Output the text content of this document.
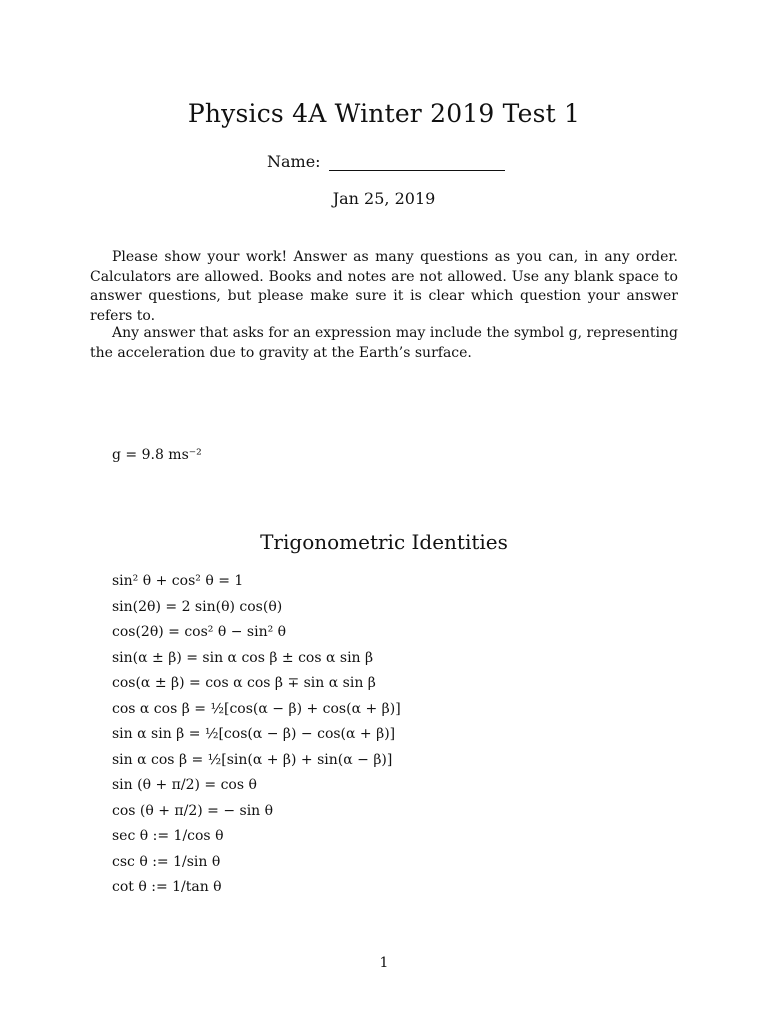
Physics 4A Winter 2019 Test 1
Name:
Jan 25, 2019
Please show your work! Answer as many questions as you can, in any order. Calculators are allowed. Books and notes are not allowed. Use any blank space to answer questions, but please make sure it is clear which question your answer refers to.
Any answer that asks for an expression may include the symbol g, representing the acceleration due to gravity at the Earth’s surface.
g = 9.8 ms⁻²
Trigonometric Identities
sin² θ + cos² θ = 1
sin(2θ) = 2 sin(θ) cos(θ)
cos(2θ) = cos² θ − sin² θ
sin(α ± β) = sin α cos β ± cos α sin β
cos(α ± β) = cos α cos β ∓ sin α sin β
cos α cos β = ½[cos(α − β) + cos(α + β)]
sin α sin β = ½[cos(α − β) − cos(α + β)]
sin α cos β = ½[sin(α + β) + sin(α − β)]
sin (θ + π/2) = cos θ
cos (θ + π/2) = − sin θ
sec θ := 1/cos θ
csc θ := 1/sin θ
cot θ := 1/tan θ
1
